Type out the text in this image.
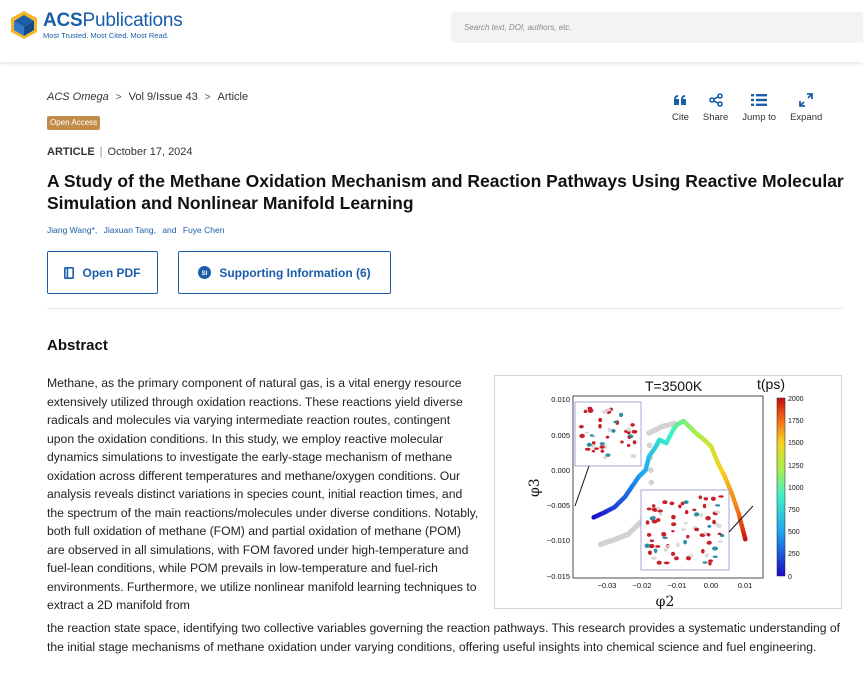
ACSPublications
Most Trusted. Most Cited. Most Read.
Search text, DOI, authors, etc.
ACS Omega > Vol 9/Issue 43 > Article
Open Access	Cite Share Jump to Expand
ARTICLE | October 17, 2024
A Study of the Methane Oxidation Mechanism and Reaction Pathways Using Reactive Molecular Simulation and Nonlinear Manifold Learning
Jiang Wang*, Jiaxuan Tang, and Fuye Chen
Open PDF	SI Supporting Information (6)
Abstract
Methane, as the primary component of natural gas, is a vital energy resource extensively utilized through oxidation reactions. These reactions yield diverse radicals and molecules via varying intermediate reaction routes, contingent upon the oxidation conditions. In this study, we employ reactive molecular dynamics simulations to investigate the early-stage mechanism of methane oxidation across different temperatures and methane/oxygen conditions. Our analysis reveals distinct variations in species count, initial reaction times, and the spectrum of the main reactions/molecules under diverse conditions. Notably, both full oxidation of methane (FOM) and partial oxidation of methane (POM) are observed in all simulations, with FOM favored under high-temperature and fuel-lean conditions, while POM prevails in low-temperature and fuel-rich environments. Furthermore, we utilize nonlinear manifold learning techniques to extract a 2D manifold from
T=3500K
0.010
0.005
0.000
−0.005
−0.010
−0.015
−0.03 −0.02 −0.01 0.00	0.01
φ2
φ3
t(ps)
2000
1750
1500
1250
1000
750
500
250
0
the reaction state space, identifying two collective variables governing the reaction pathways. This research provides a systematic understanding of the initial stage mechanisms of methane oxidation under varying conditions, offering useful insights into chemical science and fuel engineering.
